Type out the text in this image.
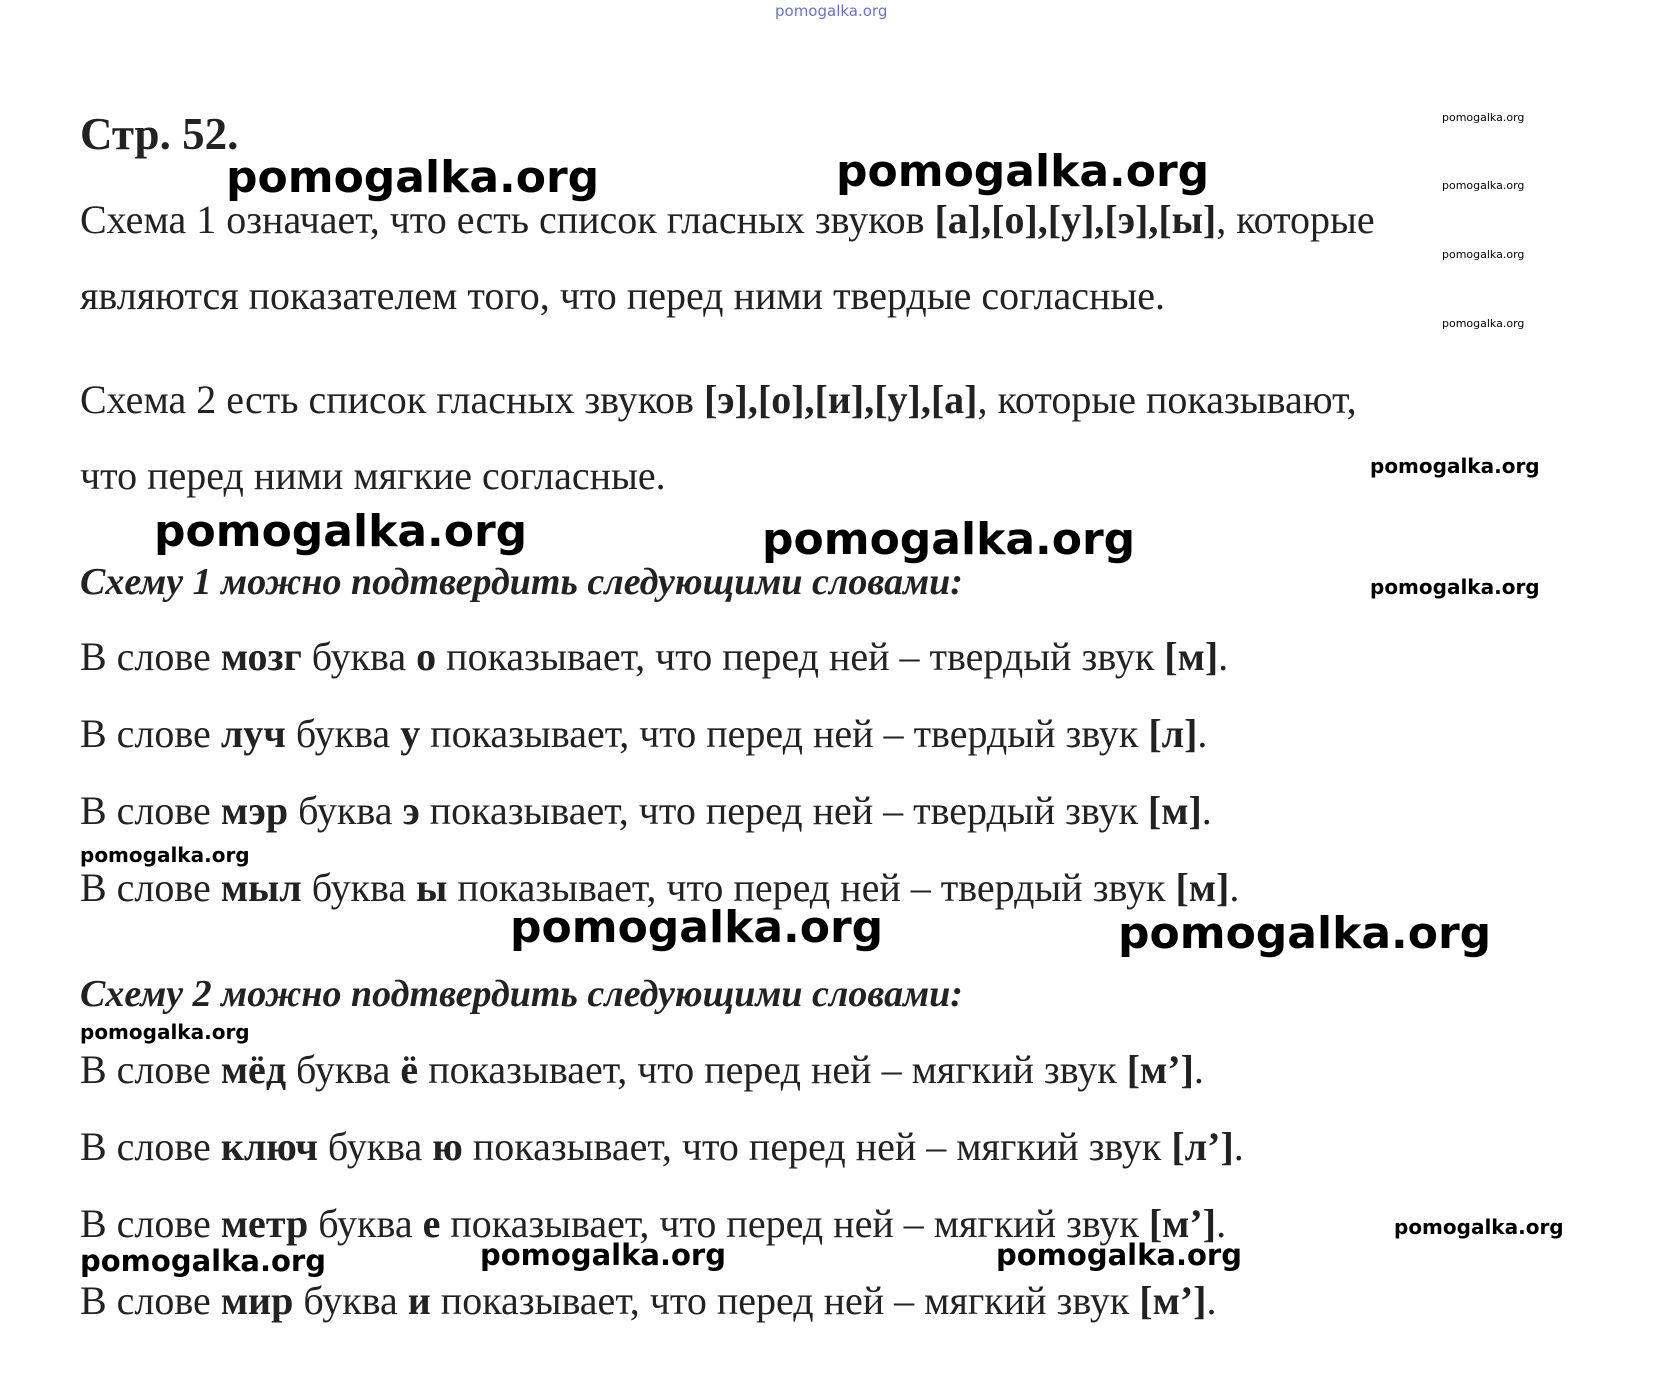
pomogalka.org
Стр. 52.
Схема 1 означает, что есть список гласных звуков [а],[о],[у],[э],[ы], которые
являются показателем того, что перед ними твердые согласные.
Схема 2 есть список гласных звуков [э],[о],[и],[у],[а], которые показывают,
что перед ними мягкие согласные.
Схему 1 можно подтвердить следующими словами:
В слове мозг буква о показывает, что перед ней – твердый звук [м].
В слове луч буква у показывает, что перед ней – твердый звук [л].
В слове мэр буква э показывает, что перед ней – твердый звук [м].
В слове мыл буква ы показывает, что перед ней – твердый звук [м].
Схему 2 можно подтвердить следующими словами:
В слове мёд буква ё показывает, что перед ней – мягкий звук [м’].
В слове ключ буква ю показывает, что перед ней – мягкий звук [л’].
В слове метр буква е показывает, что перед ней – мягкий звук [м’].
В слове мир буква и показывает, что перед ней – мягкий звук [м’].
pomogalka.org	pomogalka.org
pomogalka.org	pomogalka.org
pomogalka.org	pomogalka.org
pomogalka.org	pomogalka.org	pomogalka.org
pomogalka.org
pomogalka.org
pomogalka.org
pomogalka.org
pomogalka.org
pomogalka.org
pomogalka.org
pomogalka.org
pomogalka.org
